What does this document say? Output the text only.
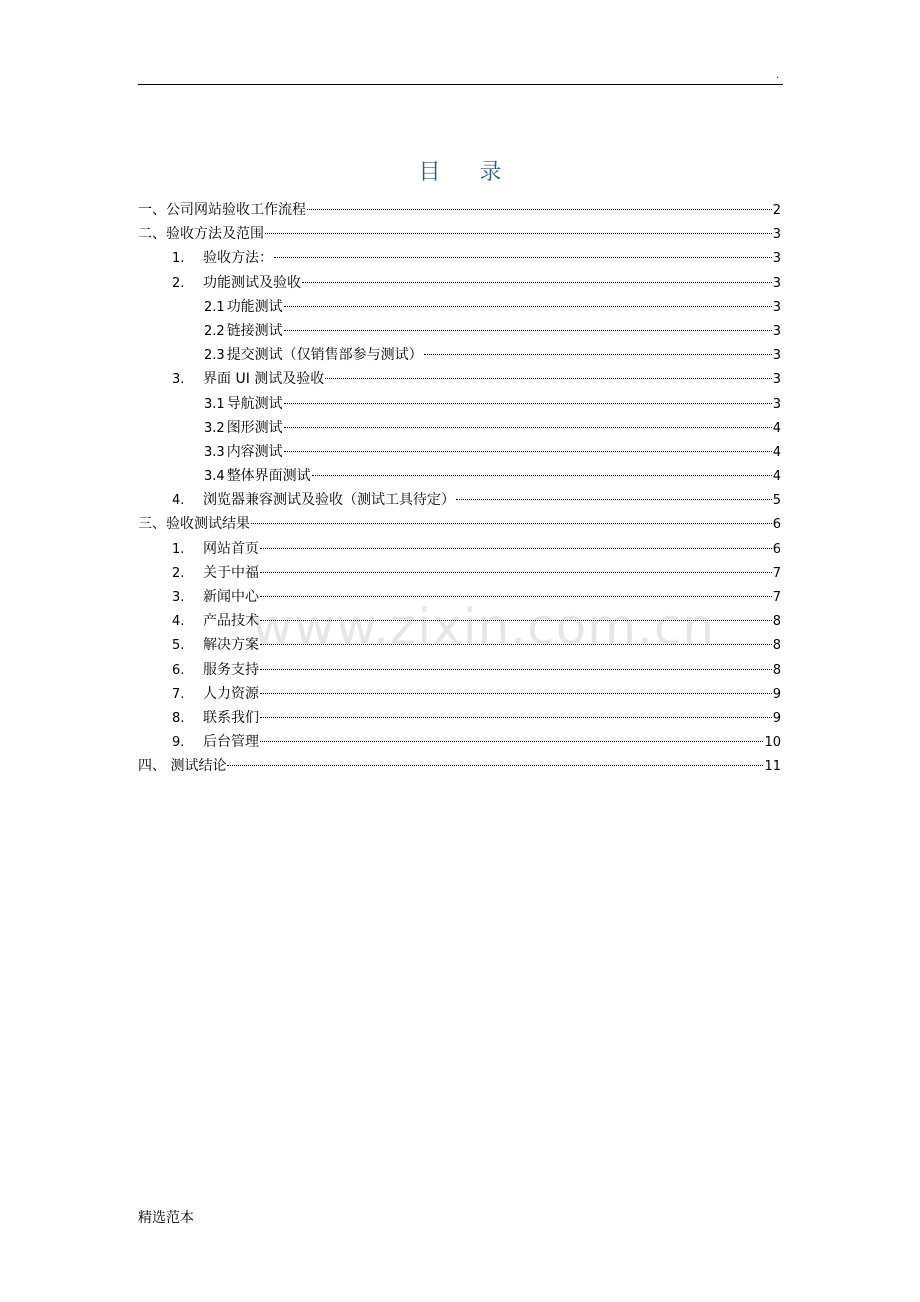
.
目 录
www.zixin.com.cn
一、公司网站验收工作流程	2
二、验收方法及范围	3
1.	验收方法：	3
2.	功能测试及验收	3
2.1 功能测试	3
2.2 链接测试	3
2.3 提交测试（仅销售部参与测试）	3
3.	界面 UI 测试及验收	3
3.1 导航测试	3
3.2 图形测试	4
3.3 内容测试	4
3.4 整体界面测试	4
4.	浏览器兼容测试及验收（测试工具待定）	5
三、验收测试结果	6
1.	网站首页	6
2.	关于中福	7
3.	新闻中心	7
4.	产品技术	8
5.	解决方案	8
6.	服务支持	8
7.	人力资源	9
8.	联系我们	9
9.	后台管理	10
四、 测试结论	11
精选范本
